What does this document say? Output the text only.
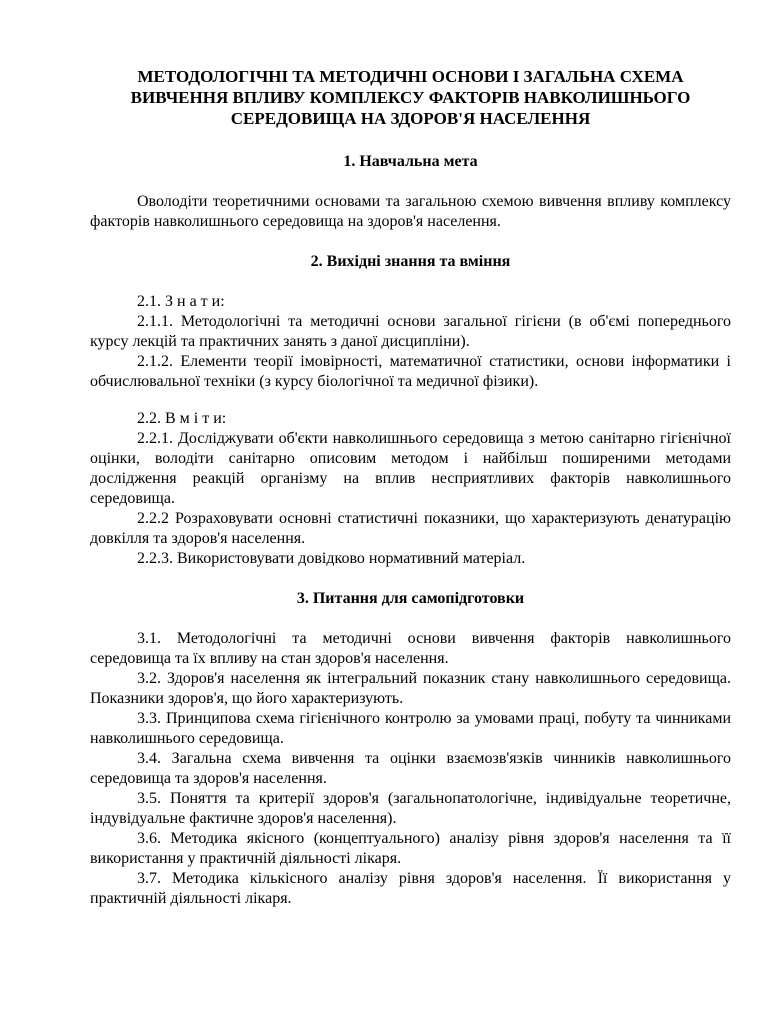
МЕТОДОЛОГІЧНІ ТА МЕТОДИЧНІ ОСНОВИ І ЗАГАЛЬНА СХЕМА
ВИВЧЕННЯ ВПЛИВУ КОМПЛЕКСУ ФАКТОРІВ НАВКОЛИШНЬОГО
СЕРЕДОВИЩА НА ЗДОРОВ'Я НАСЕЛЕННЯ
1. Навчальна мета

Оволодіти теоретичними основами та загальною схемою вивчення впливу комплексу факторів навколишнього середовища на здоров'я населення.

2. Вихідні знання та вміння

2.1. З н а т и:

2.1.1. Методологічні та методичні основи загальної гігієни (в об'ємі попереднього курсу лекцій та практичних занять з даної дисципліни).

2.1.2. Елементи теорії імовірності, математичної статистики, основи інформатики і обчислювальної техніки (з курсу біологічної та медичної фізики).

2.2. В м і т и:

2.2.1. Досліджувати об'єкти навколишнього середовища з метою санітарно гігієнічної оцінки, володіти санітарно описовим методом і найбільш поширеними методами дослідження реакцій організму на вплив несприятливих факторів навколишнього середовища.

2.2.2 Розраховувати основні статистичні показники, що характеризують денатурацію довкілля та здоров'я населення.

2.2.3. Використовувати довідково нормативний матеріал.

3. Питання для самопідготовки

3.1. Методологічні та методичні основи вивчення факторів навколишнього середовища та їх впливу на стан здоров'я населення.

3.2. Здоров'я населення як інтегральний показник стану навколишнього середовища. Показники здоров'я, що його характеризують.

3.3. Принципова схема гігієнічного контролю за умовами праці, побуту та чинниками навколишнього середовища.

3.4. Загальна схема вивчення та оцінки взаємозв'язків чинників навколишнього середовища та здоров'я населення.

3.5. Поняття та критерії здоров'я (загальнопатологічне, індивідуальне теоретичне, індувідуальне фактичне здоров'я населення).

3.6. Методика якісного (концептуального) аналізу рівня здоров'я населення та її використання у практичній діяльності лікаря.

3.7. Методика кількісного аналізу рівня здоров'я населення. Її використання у практичній діяльності лікаря.
